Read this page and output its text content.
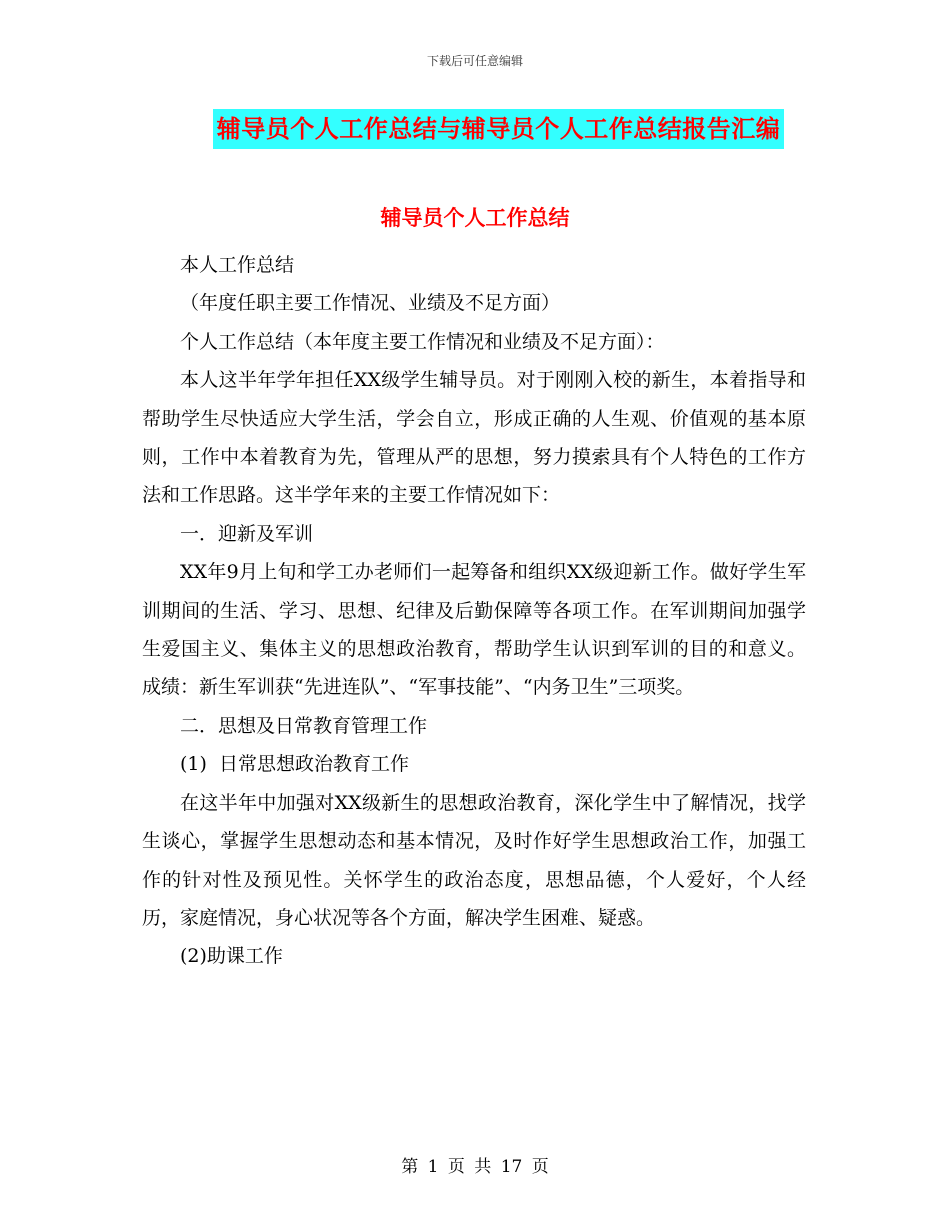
下载后可任意编辑
辅导员个人工作总结与辅导员个人工作总结报告汇编
辅导员个人工作总结

本人工作总结

（年度任职主要工作情况、业绩及不足方面）

个人工作总结（本年度主要工作情况和业绩及不足方面）：

本人这半年学年担任XX级学生辅导员。对于刚刚入校的新生，本着指导和帮助学生尽快适应大学生活，学会自立，形成正确的人生观、价值观的基本原则，工作中本着教育为先，管理从严的思想，努力摸索具有个人特色的工作方法和工作思路。这半学年来的主要工作情况如下：

一．迎新及军训

XX年9月上旬和学工办老师们一起筹备和组织XX级迎新工作。做好学生军训期间的生活、学习、思想、纪律及后勤保障等各项工作。在军训期间加强学生爱国主义、集体主义的思想政治教育，帮助学生认识到军训的目的和意义。成绩：新生军训获“先进连队”、“军事技能”、“内务卫生”三项奖。

二．思想及日常教育管理工作

(1)  日常思想政治教育工作

在这半年中加强对XX级新生的思想政治教育，深化学生中了解情况，找学生谈心，掌握学生思想动态和基本情况，及时作好学生思想政治工作，加强工作的针对性及预见性。关怀学生的政治态度，思想品德，个人爱好，个人经历，家庭情况，身心状况等各个方面，解决学生困难、疑惑。

(2)助课工作

第 1 页 共 17 页
